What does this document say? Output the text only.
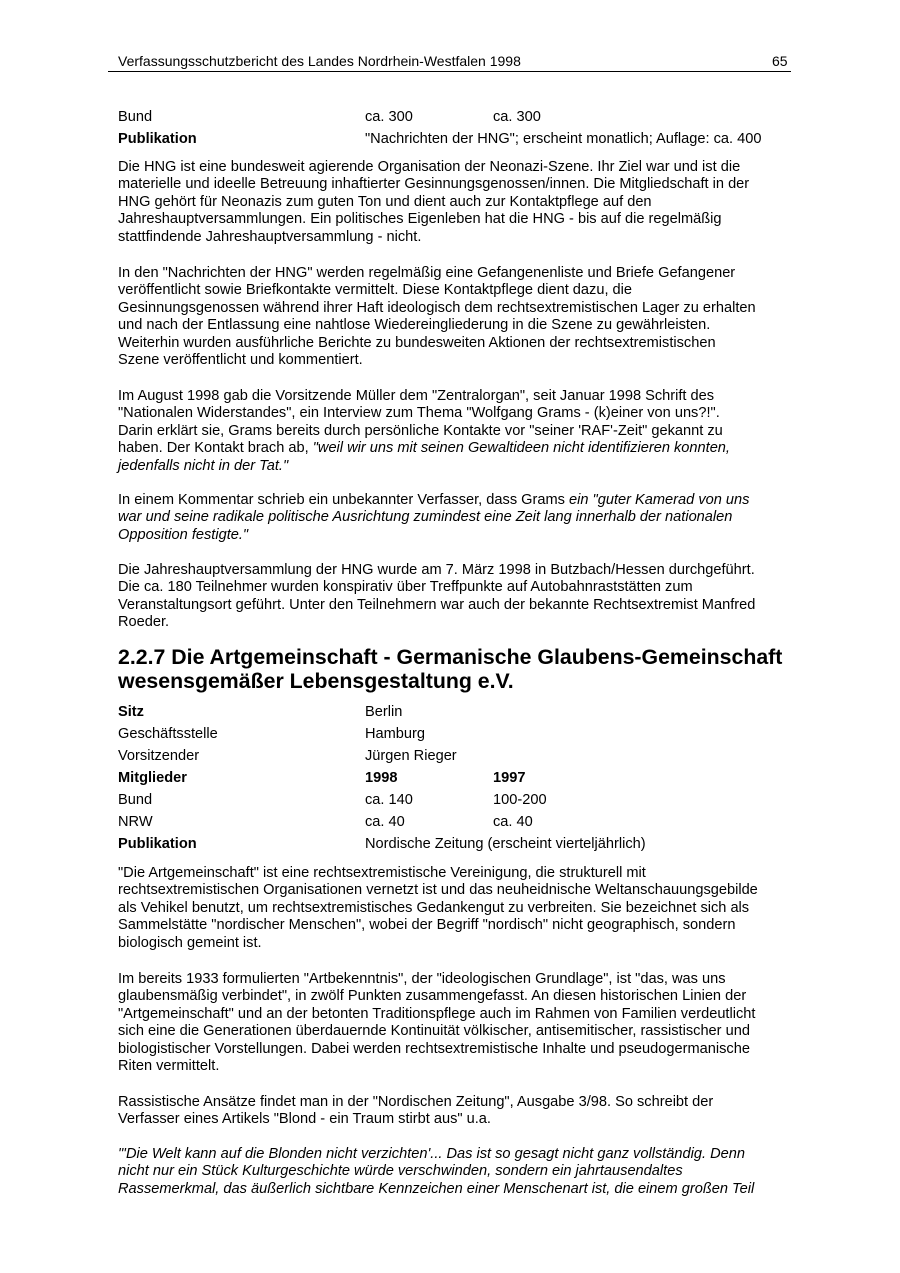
Verfassungsschutzbericht des Landes Nordrhein-Westfalen 1998	65
Bund	ca. 300	ca. 300
Publikation	"Nachrichten der HNG"; erscheint monatlich; Auflage: ca. 400
Die HNG ist eine bundesweit agierende Organisation der Neonazi-Szene. Ihr Ziel war und ist die
materielle und ideelle Betreuung inhaftierter Gesinnungsgenossen/innen. Die Mitgliedschaft in der
HNG gehört für Neonazis zum guten Ton und dient auch zur Kontaktpflege auf den
Jahreshauptversammlungen. Ein politisches Eigenleben hat die HNG - bis auf die regelmäßig
stattfindende Jahreshauptversammlung - nicht.
In den "Nachrichten der HNG" werden regelmäßig eine Gefangenenliste und Briefe Gefangener
veröffentlicht sowie Briefkontakte vermittelt. Diese Kontaktpflege dient dazu, die
Gesinnungsgenossen während ihrer Haft ideologisch dem rechtsextremistischen Lager zu erhalten
und nach der Entlassung eine nahtlose Wiedereingliederung in die Szene zu gewährleisten.
Weiterhin wurden ausführliche Berichte zu bundesweiten Aktionen der rechtsextremistischen
Szene veröffentlicht und kommentiert.
Im August 1998 gab die Vorsitzende Müller dem "Zentralorgan", seit Januar 1998 Schrift des
"Nationalen Widerstandes", ein Interview zum Thema "Wolfgang Grams - (k)einer von uns?!".
Darin erklärt sie, Grams bereits durch persönliche Kontakte vor "seiner 'RAF'-Zeit" gekannt zu
haben. Der Kontakt brach ab, "weil wir uns mit seinen Gewaltideen nicht identifizieren konnten,
jedenfalls nicht in der Tat."
In einem Kommentar schrieb ein unbekannter Verfasser, dass Grams ein "guter Kamerad von uns
war und seine radikale politische Ausrichtung zumindest eine Zeit lang innerhalb der nationalen
Opposition festigte."
Die Jahreshauptversammlung der HNG wurde am 7. März 1998 in Butzbach/Hessen durchgeführt.
Die ca. 180 Teilnehmer wurden konspirativ über Treffpunkte auf Autobahnraststätten zum
Veranstaltungsort geführt. Unter den Teilnehmern war auch der bekannte Rechtsextremist Manfred
Roeder.
2.2.7 Die Artgemeinschaft - Germanische Glaubens-Gemeinschaft
wesensgemäßer Lebensgestaltung e.V.
Sitz	Berlin
Geschäftsstelle	Hamburg
Vorsitzender	Jürgen Rieger
Mitglieder	1998	1997
Bund	ca. 140	100-200
NRW	ca. 40	ca. 40
Publikation	Nordische Zeitung (erscheint vierteljährlich)
"Die Artgemeinschaft" ist eine rechtsextremistische Vereinigung, die strukturell mit
rechtsextremistischen Organisationen vernetzt ist und das neuheidnische Weltanschauungsgebilde
als Vehikel benutzt, um rechtsextremistisches Gedankengut zu verbreiten. Sie bezeichnet sich als
Sammelstätte "nordischer Menschen", wobei der Begriff "nordisch" nicht geographisch, sondern
biologisch gemeint ist.
Im bereits 1933 formulierten "Artbekenntnis", der "ideologischen Grundlage", ist "das, was uns
glaubensmäßig verbindet", in zwölf Punkten zusammengefasst. An diesen historischen Linien der
"Artgemeinschaft" und an der betonten Traditionspflege auch im Rahmen von Familien verdeutlicht
sich eine die Generationen überdauernde Kontinuität völkischer, antisemitischer, rassistischer und
biologistischer Vorstellungen. Dabei werden rechtsextremistische Inhalte und pseudogermanische
Riten vermittelt.
Rassistische Ansätze findet man in der "Nordischen Zeitung", Ausgabe 3/98. So schreibt der
Verfasser eines Artikels "Blond - ein Traum stirbt aus" u.a.
"'Die Welt kann auf die Blonden nicht verzichten'... Das ist so gesagt nicht ganz vollständig. Denn
nicht nur ein Stück Kulturgeschichte würde verschwinden, sondern ein jahrtausendaltes
Rassemerkmal, das äußerlich sichtbare Kennzeichen einer Menschenart ist, die einem großen Teil
